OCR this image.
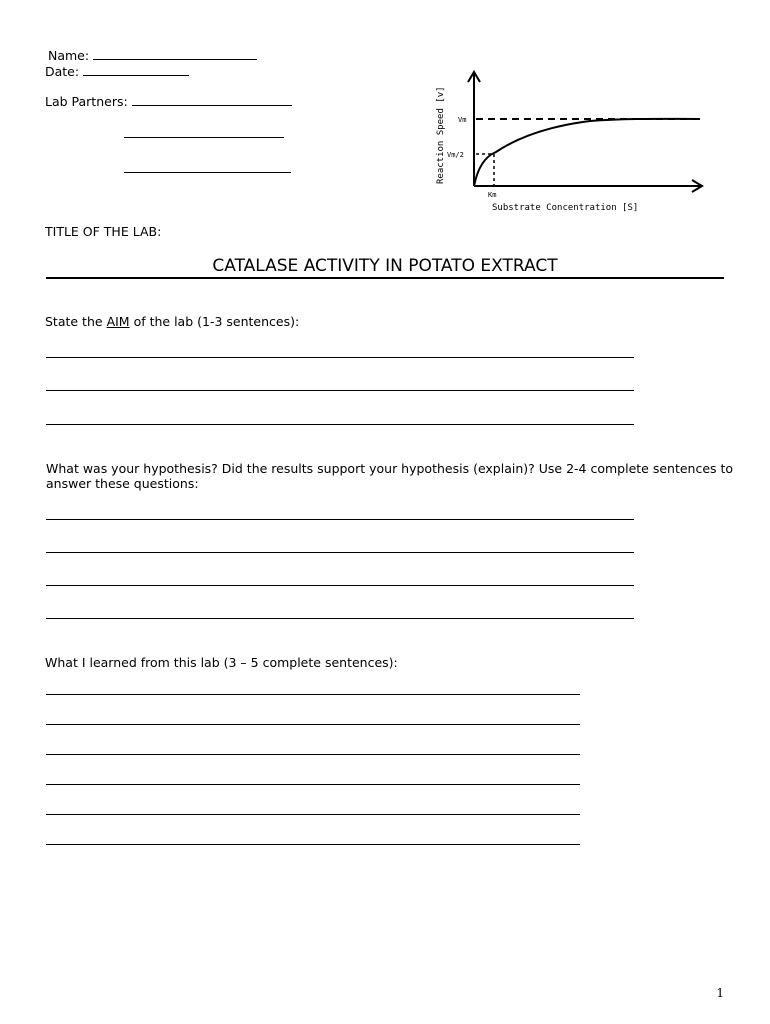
Name:
Date:
Lab Partners:	Reaction Speed [v]
Substrate Concentration [S]
Vm
Vm/2
Km
TITLE OF THE LAB:
CATALASE ACTIVITY IN POTATO EXTRACT
State the AIM of the lab (1-3 sentences):
What was your hypothesis? Did the results support your hypothesis (explain)? Use 2-4 complete sentences to answer these questions:
What I learned from this lab (3 – 5 complete sentences):
1
